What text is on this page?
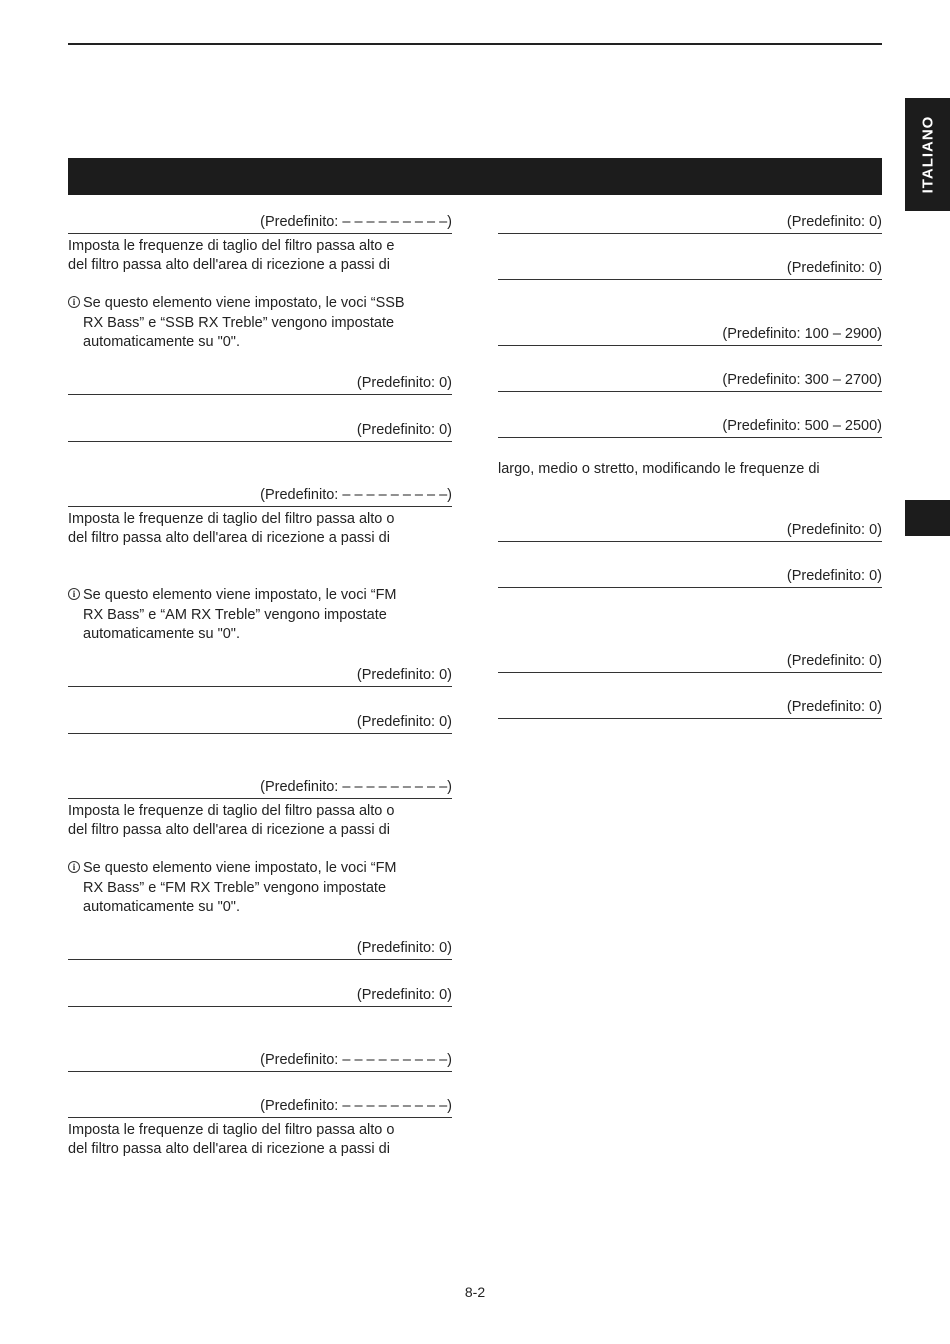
ITALIANO
(Predefinito: – – – – – – – – –)
Imposta le frequenze di taglio del filtro passa alto e
del filtro passa alto dell'area di ricezione a passi di
i Se questo elemento viene impostato, le voci “SSB
RX Bass” e “SSB RX Treble” vengono impostate
automaticamente su "0".
(Predefinito: 0)
(Predefinito: 0)
(Predefinito: – – – – – – – – –)
Imposta le frequenze di taglio del filtro passa alto o
del filtro passa alto dell'area di ricezione a passi di
i Se questo elemento viene impostato, le voci “FM
RX Bass” e “AM RX Treble” vengono impostate
automaticamente su "0".
(Predefinito: 0)
(Predefinito: 0)
(Predefinito: – – – – – – – – –)
Imposta le frequenze di taglio del filtro passa alto o
del filtro passa alto dell'area di ricezione a passi di
i Se questo elemento viene impostato, le voci “FM
RX Bass” e “FM RX Treble” vengono impostate
automaticamente su "0".
(Predefinito: 0)
(Predefinito: 0)
(Predefinito: – – – – – – – – –)
(Predefinito: – – – – – – – – –)
Imposta le frequenze di taglio del filtro passa alto o
del filtro passa alto dell'area di ricezione a passi di
(Predefinito: 0)
(Predefinito: 0)
(Predefinito: 100 – 2900)
(Predefinito: 300 – 2700)
(Predefinito: 500 – 2500)
largo, medio o stretto, modificando le frequenze di
(Predefinito: 0)
(Predefinito: 0)
(Predefinito: 0)
(Predefinito: 0)
8-2
